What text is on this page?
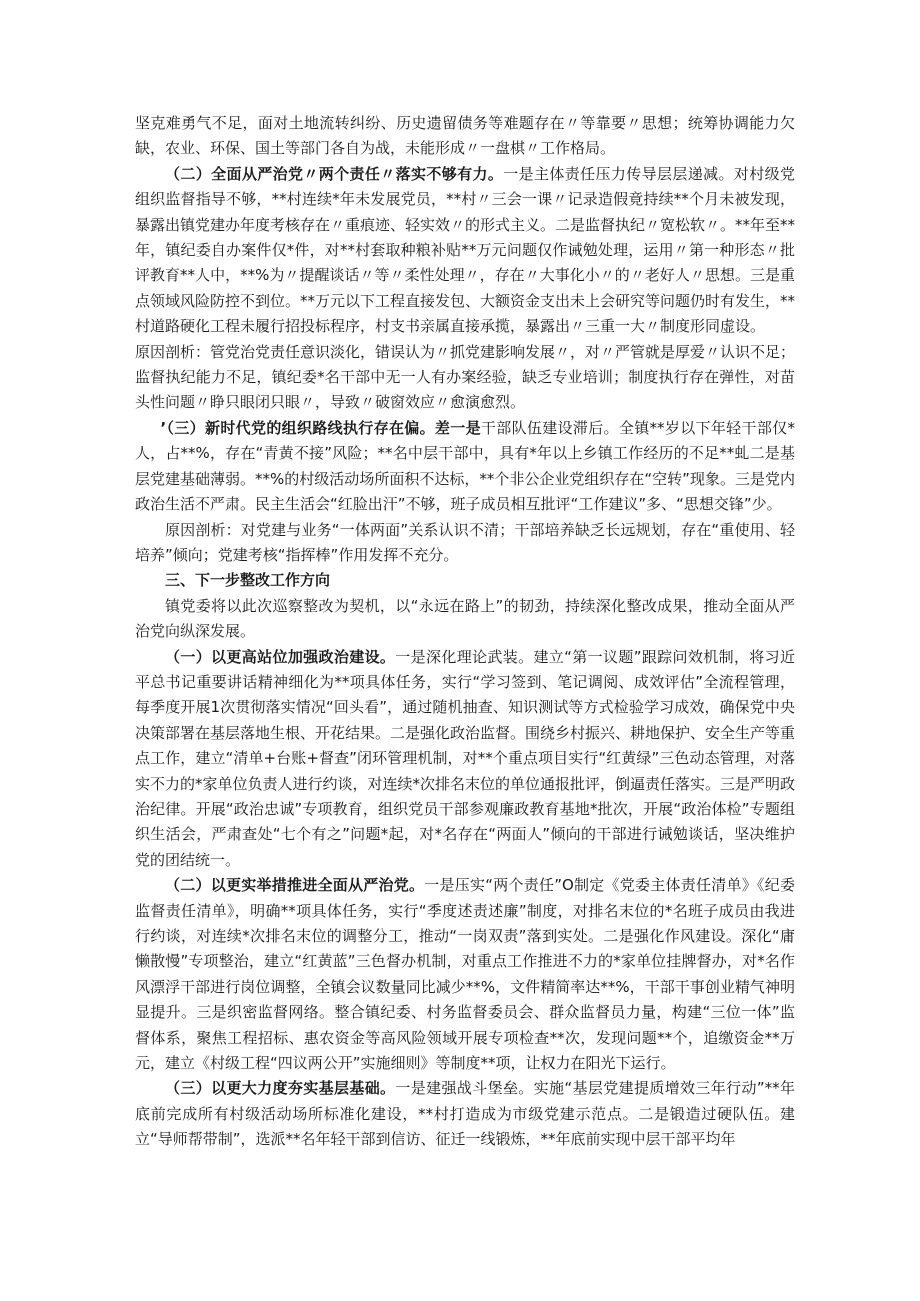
坚克难勇气不足，面对土地流转纠纷、历史遗留债务等难题存在〃等靠要〃思想；统筹协调能力欠缺，农业、环保、国土等部门各自为战，未能形成〃一盘棋〃工作格局。

（二）全面从严治党〃两个责任〃落实不够有力。一是主体责任压力传导层层递减。对村级党组织监督指导不够，**村连续*年未发展党员，**村〃三会一课〃记录造假竟持续**个月未被发现，暴露出镇党建办年度考核存在〃重痕迹、轻实效〃的形式主义。二是监督执纪〃宽松软〃。**年至**年，镇纪委自办案件仅*件，对**村套取种粮补贴**万元问题仅作诫勉处理，运用〃第一种形态〃批评教育**人中，**%为〃提醒谈话〃等〃柔性处理〃，存在〃大事化小〃的〃老好人〃思想。三是重点领域风险防控不到位。**万元以下工程直接发包、大额资金支出未上会研究等问题仍时有发生，**村道路硬化工程未履行招投标程序，村支书亲属直接承揽，暴露出〃三重一大〃制度形同虚设。

原因剖析：管党治党责任意识淡化，错误认为〃抓党建影响发展〃，对〃严管就是厚爱〃认识不足；监督执纪能力不足，镇纪委*名干部中无一人有办案经验，缺乏专业培训；制度执行存在弹性，对苗头性问题〃睁只眼闭只眼〃，导致〃破窗效应〃愈演愈烈。

’（三）新时代党的组织路线执行存在偏。差一是干部队伍建设滞后。全镇**岁以下年轻干部仅*人，占**%，存在“青黄不接”风险；**名中层干部中，具有*年以上乡镇工作经历的不足**虬二是基层党建基础薄弱。**%的村级活动场所面积不达标，**个非公企业党组织存在“空转”现象。三是党内政治生活不严肃。民主生活会“红脸出汗”不够，班子成员相互批评“工作建议”多、“思想交锋”少。

原因剖析：对党建与业务“一体两面”关系认识不清；干部培养缺乏长远规划，存在“重使用、轻培养”倾向；党建考核“指挥棒”作用发挥不充分。

三、下一步整改工作方向

镇党委将以此次巡察整改为契机，以“永远在路上”的韧劲，持续深化整改成果，推动全面从严治党向纵深发展。

（一）以更高站位加强政治建设。一是深化理论武装。建立“第一议题”跟踪问效机制，将习近平总书记重要讲话精神细化为**项具体任务，实行“学习签到、笔记调阅、成效评估”全流程管理，每季度开展1次贯彻落实情况“回头看”，通过随机抽查、知识测试等方式检验学习成效，确保党中央决策部署在基层落地生根、开花结果。二是强化政治监督。围绕乡村振兴、耕地保护、安全生产等重点工作，建立“清单+台账+督查”闭环管理机制，对**个重点项目实行“红黄绿”三色动态管理，对落实不力的*家单位负责人进行约谈，对连续*次排名末位的单位通报批评，倒逼责任落实。三是严明政治纪律。开展“政治忠诚”专项教育，组织党员干部参观廉政教育基地*批次，开展“政治体检”专题组织生活会，严肃查处“七个有之”问题*起，对*名存在“两面人”倾向的干部进行诫勉谈话，坚决维护党的团结统一。

（二）以更实举措推进全面从严治党。一是压实“两个责任”O制定《党委主体责任清单》《纪委监督责任清单》，明确**项具体任务，实行“季度述责述廉”制度，对排名末位的*名班子成员由我进行约谈，对连续*次排名末位的调整分工，推动“一岗双责”落到实处。二是强化作风建设。深化“庸懒散慢”专项整治，建立“红黄蓝”三色督办机制，对重点工作推进不力的*家单位挂牌督办，对*名作风漂浮干部进行岗位调整，全镇会议数量同比减少**%，文件精简率达**%，干部干事创业精气神明显提升。三是织密监督网络。整合镇纪委、村务监督委员会、群众监督员力量，构建“三位一体”监督体系，聚焦工程招标、惠农资金等高风险领域开展专项检查**次，发现问题**个，追缴资金**万元，建立《村级工程“四议两公开”实施细则》等制度**项，让权力在阳光下运行。

（三）以更大力度夯实基层基础。一是建强战斗堡垒。实施“基层党建提质增效三年行动”**年底前完成所有村级活动场所标准化建设，**村打造成为市级党建示范点。二是锻造过硬队伍。建立“导师帮带制”，选派**名年轻干部到信访、征迁一线锻炼，**年底前实现中层干部平均年
